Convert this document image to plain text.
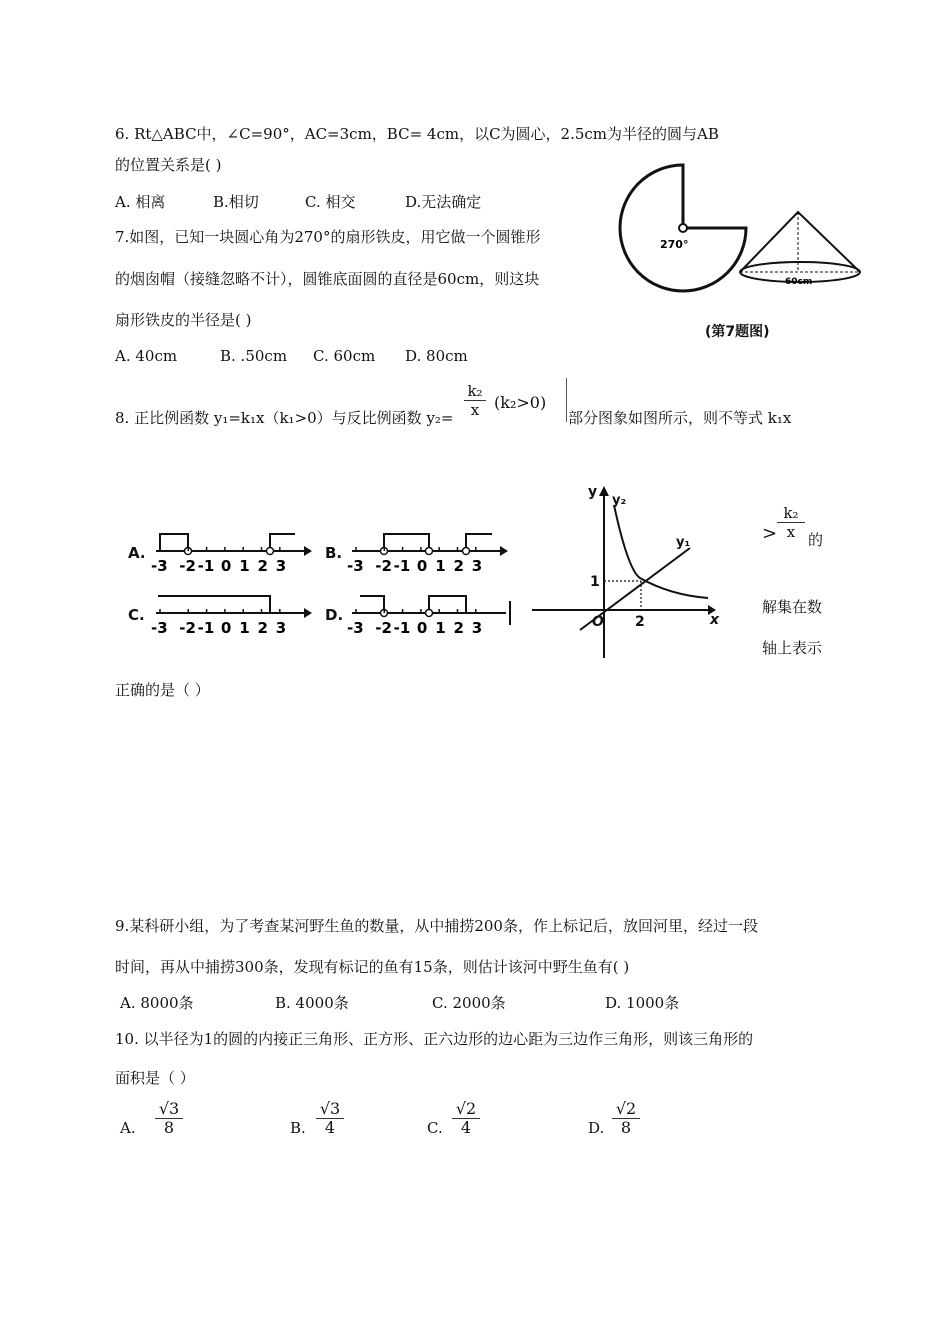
6. Rt△ABC中，∠C=90°，AC=3cm，BC= 4cm，以C为圆心，2.5cm为半径的圆与AB
的位置关系是( )
A. 相离	B.相切	C. 相交	D.无法确定
7.如图，已知一块圆心角为270°的扇形铁皮，用它做一个圆锥形
的烟囱帽（接缝忽略不计），圆锥底面圆的直径是60cm，则这块
扇形铁皮的半径是( )
A. 40cm	B. .50cm C. 60cm D. 80cm
270°
60cm
(第7题图)
8. 正比例函数 y₁=k₁x（k₁>0）与反比例函数 $y_2= \frac{\text{k₂}}{x} (k_2>0)$
部分图象如图所示，则不等式 k₁x
A.	B.
C.	D.
-3 -2 -1 0 1 2 3	-3 -2 -1 0 1 2 3
-3 -2 -1 0 1 2 3	-3 -2 -1 0 1 2 3
y
y₂
y₁
x
O
1
2
> $\frac{\text{k₂}}{x}$ 的
解集在数
轴上表示
正确的是（ ）
9.某科研小组，为了考查某河野生鱼的数量，从中捕捞200条，作上标记后，放回河里，经过一段
时间，再从中捕捞300条，发现有标记的鱼有15条，则估计该河中野生鱼有( )
A. 8000条	B. 4000条	C. 2000条	D. 1000条
10. 以半径为1的圆的内接正三角形、正方形、正六边形的边心距为三边作三角形，则该三角形的
面积是（ ）
A. $\frac{√3}{8}$	B. $\frac{√3}{4}$	C. $\frac{√2}{4}$	D. $\frac{√2}{8}$
